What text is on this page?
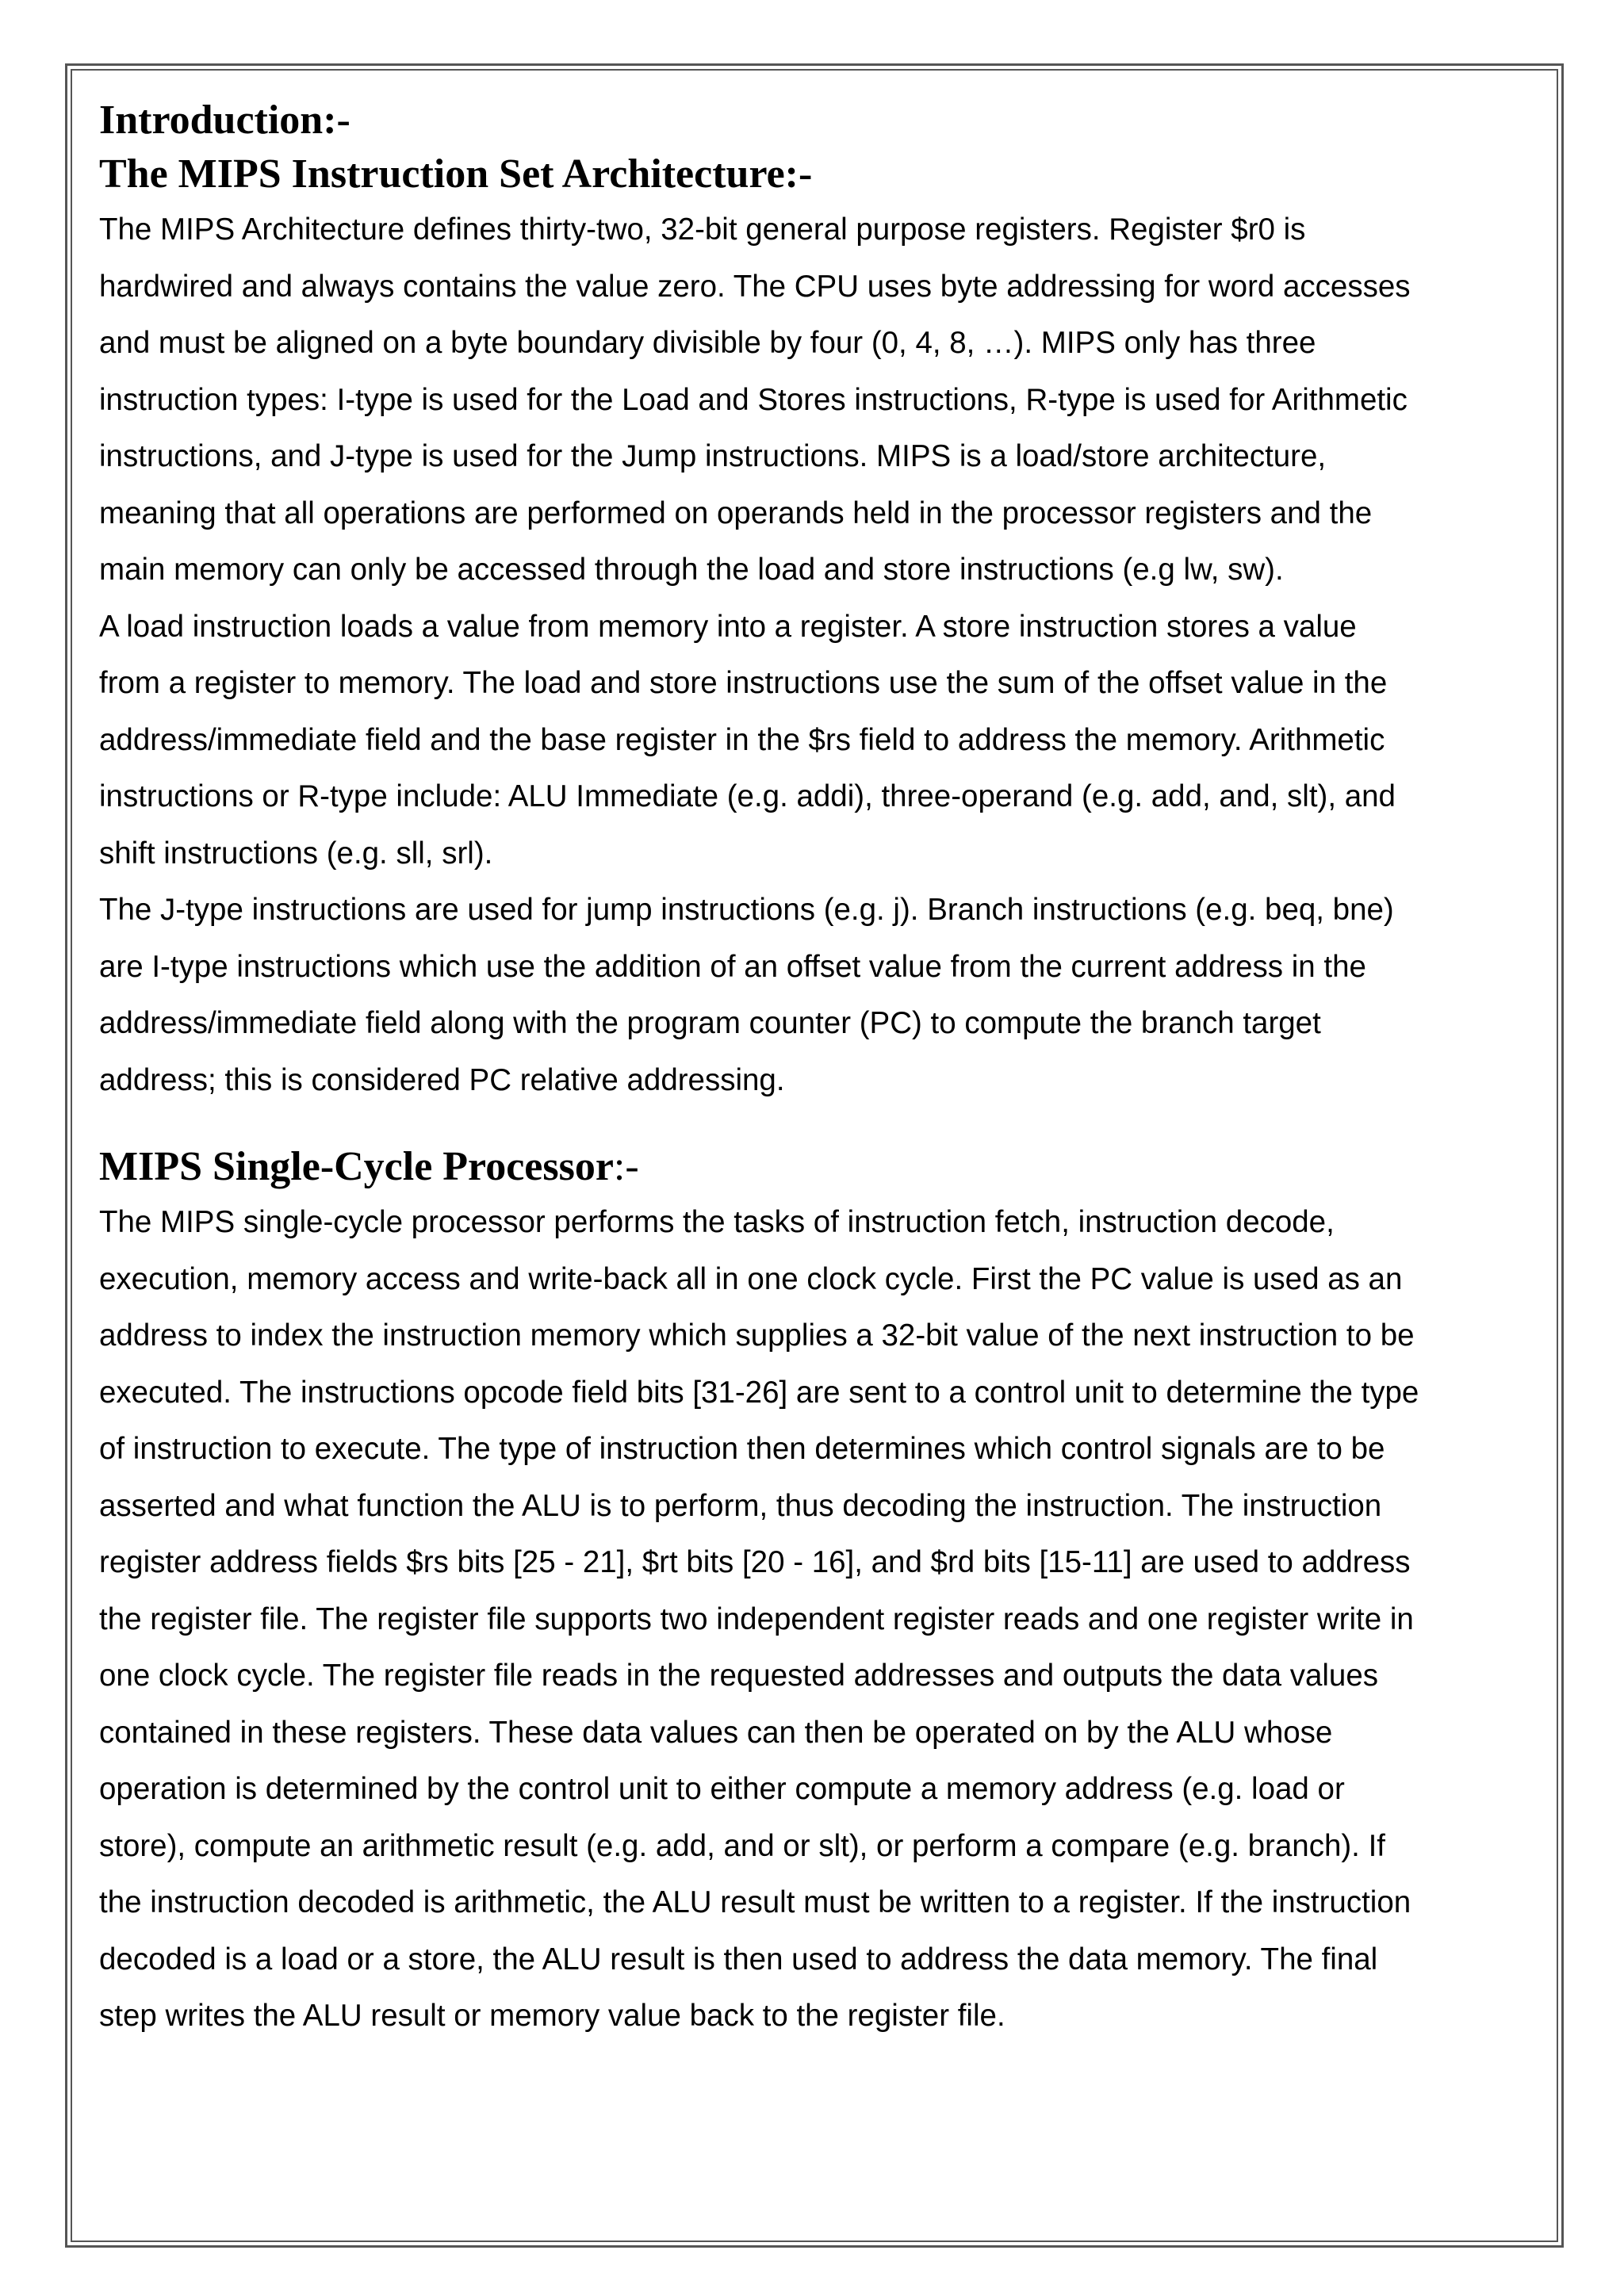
Introduction:-
The MIPS Instruction Set Architecture:-

The MIPS Architecture defines thirty-two, 32-bit general purpose registers. Register $r0 is

hardwired and always contains the value zero. The CPU uses byte addressing for word accesses

and must be aligned on a byte boundary divisible by four (0, 4, 8, …). MIPS only has three

instruction types: I-type is used for the Load and Stores instructions, R-type is used for Arithmetic

instructions, and J-type is used for the Jump instructions. MIPS is a load/store architecture,

meaning that all operations are performed on operands held in the processor registers and the

main memory can only be accessed through the load and store instructions (e.g lw, sw).

A load instruction loads a value from memory into a register. A store instruction stores a value

from a register to memory. The load and store instructions use the sum of the offset value in the

address/immediate field and the base register in the $rs field to address the memory. Arithmetic

instructions or R-type include: ALU Immediate (e.g. addi), three-operand (e.g. add, and, slt), and

shift instructions (e.g. sll, srl).

The J-type instructions are used for jump instructions (e.g. j). Branch instructions (e.g. beq, bne)

are I-type instructions which use the addition of an offset value from the current address in the

address/immediate field along with the program counter (PC) to compute the branch target

address; this is considered PC relative addressing.

MIPS Single-Cycle Processor:-

The MIPS single-cycle processor performs the tasks of instruction fetch, instruction decode,

execution, memory access and write-back all in one clock cycle. First the PC value is used as an

address to index the instruction memory which supplies a 32-bit value of the next instruction to be

executed. The instructions opcode field bits [31-26] are sent to a control unit to determine the type

of instruction to execute. The type of instruction then determines which control signals are to be

asserted and what function the ALU is to perform, thus decoding the instruction. The instruction

register address fields $rs bits [25 - 21], $rt bits [20 - 16], and $rd bits [15-11] are used to address

the register file. The register file supports two independent register reads and one register write in

one clock cycle. The register file reads in the requested addresses and outputs the data values

contained in these registers. These data values can then be operated on by the ALU whose

operation is determined by the control unit to either compute a memory address (e.g. load or

store), compute an arithmetic result (e.g. add, and or slt), or perform a compare (e.g. branch). If

the instruction decoded is arithmetic, the ALU result must be written to a register. If the instruction

decoded is a load or a store, the ALU result is then used to address the data memory. The final

step writes the ALU result or memory value back to the register file.
